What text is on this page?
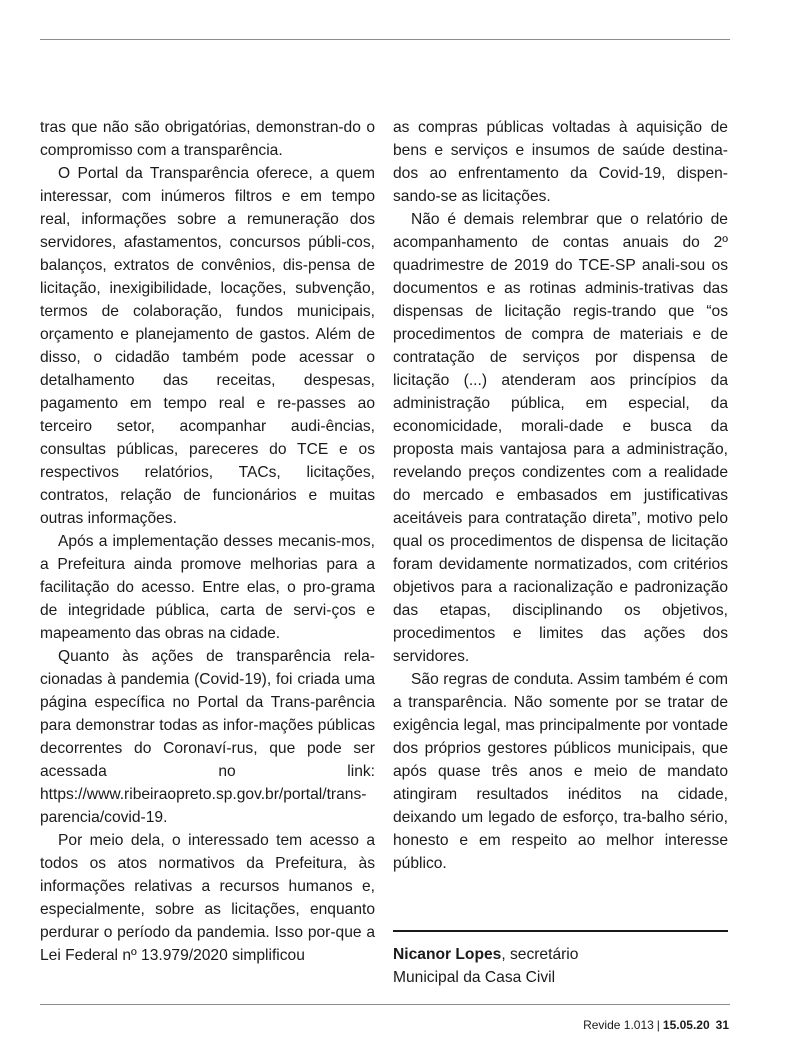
tras que não são obrigatórias, demonstran-do o compromisso com a transparência.

O Portal da Transparência oferece, a quem interessar, com inúmeros filtros e em tempo real, informações sobre a remuneração dos servidores, afastamentos, concursos públi-cos, balanços, extratos de convênios, dis-pensa de licitação, inexigibilidade, locações, subvenção, termos de colaboração, fundos municipais, orçamento e planejamento de gastos. Além de disso, o cidadão também pode acessar o detalhamento das receitas, despesas, pagamento em tempo real e re-passes ao terceiro setor, acompanhar audi-ências, consultas públicas, pareceres do TCE e os respectivos relatórios, TACs, licitações, contratos, relação de funcionários e muitas outras informações.

Após a implementação desses mecanis-mos, a Prefeitura ainda promove melhorias para a facilitação do acesso. Entre elas, o pro-grama de integridade pública, carta de servi-ços e mapeamento das obras na cidade.

Quanto às ações de transparência rela-cionadas à pandemia (Covid-19), foi criada uma página específica no Portal da Trans-parência para demonstrar todas as infor-mações públicas decorrentes do Coronaví-rus, que pode ser acessada no link: https://www.ribeiraopreto.sp.gov.br/portal/trans-parencia/covid-19.

Por meio dela, o interessado tem acesso a todos os atos normativos da Prefeitura, às informações relativas a recursos humanos e, especialmente, sobre as licitações, enquanto perdurar o período da pandemia. Isso por-que a Lei Federal nº 13.979/2020 simplificou

as compras públicas voltadas à aquisição de bens e serviços e insumos de saúde destina-dos ao enfrentamento da Covid-19, dispen-sando-se as licitações.

Não é demais relembrar que o relatório de acompanhamento de contas anuais do 2º quadrimestre de 2019 do TCE-SP anali-sou os documentos e as rotinas adminis-trativas das dispensas de licitação regis-trando que “os procedimentos de compra de materiais e de contratação de serviços por dispensa de licitação (...) atenderam aos princípios da administração pública, em especial, da economicidade, morali-dade e busca da proposta mais vantajosa para a administração, revelando preços condizentes com a realidade do mercado e embasados em justificativas aceitáveis para contratação direta”, motivo pelo qual os procedimentos de dispensa de licitação foram devidamente normatizados, com critérios objetivos para a racionalização e padronização das etapas, disciplinando os objetivos, procedimentos e limites das ações dos servidores.

São regras de conduta. Assim também é com a transparência. Não somente por se tratar de exigência legal, mas principalmente por vontade dos próprios gestores públicos municipais, que após quase três anos e meio de mandato atingiram resultados inéditos na cidade, deixando um legado de esforço, tra-balho sério, honesto e em respeito ao melhor interesse público.

Nicanor Lopes, secretário
Municipal da Casa Civil
Revide 1.013 | 15.05.20 31
